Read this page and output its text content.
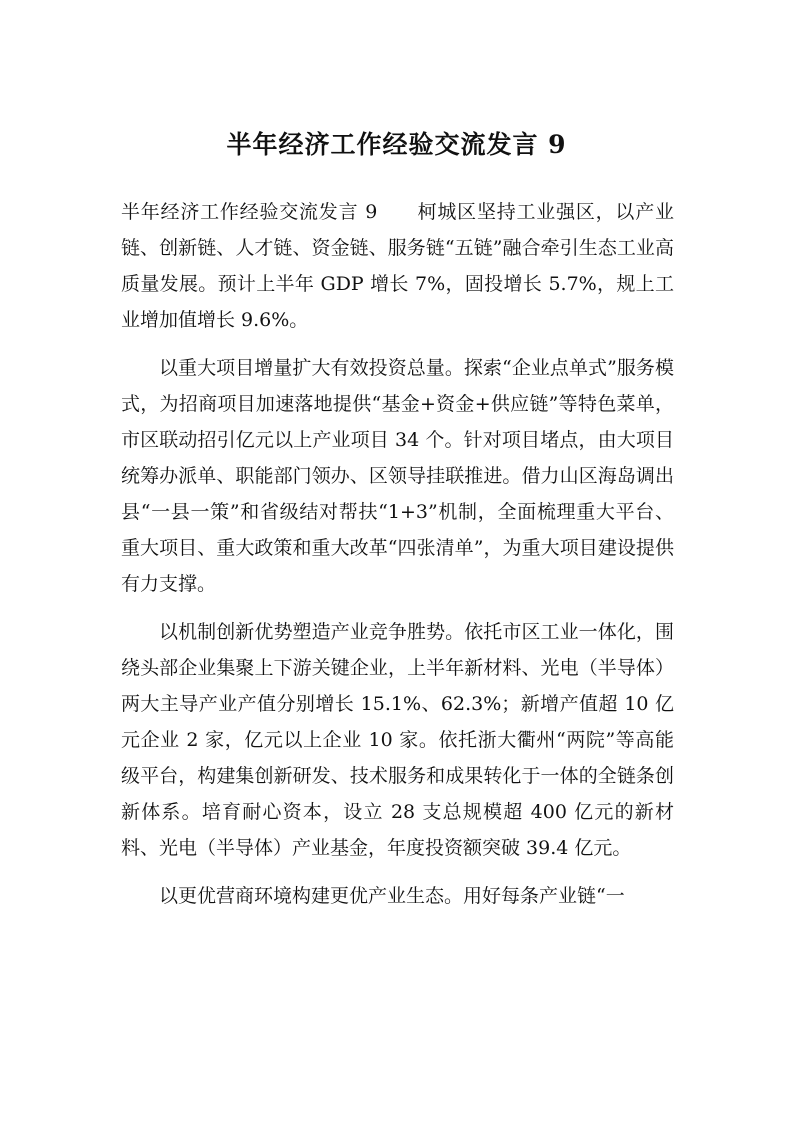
半年经济工作经验交流发言 9

半年经济工作经验交流发言 9　　柯城区坚持工业强区，以产业链、创新链、人才链、资金链、服务链“五链”融合牵引生态工业高质量发展。预计上半年 GDP 增长 7%，固投增长 5.7%，规上工业增加值增长 9.6%。

以重大项目增量扩大有效投资总量。探索“企业点单式”服务模式，为招商项目加速落地提供“基金+资金+供应链”等特色菜单，市区联动招引亿元以上产业项目 34 个。针对项目堵点，由大项目统筹办派单、职能部门领办、区领导挂联推进。借力山区海岛调出县“一县一策”和省级结对帮扶“1+3”机制，全面梳理重大平台、重大项目、重大政策和重大改革“四张清单”，为重大项目建设提供有力支撑。

以机制创新优势塑造产业竞争胜势。依托市区工业一体化，围绕头部企业集聚上下游关键企业，上半年新材料、光电（半导体）两大主导产业产值分别增长 15.1%、62.3%；新增产值超 10 亿元企业 2 家，亿元以上企业 10 家。依托浙大衢州“两院”等高能级平台，构建集创新研发、技术服务和成果转化于一体的全链条创新体系。培育耐心资本，设立 28 支总规模超 400 亿元的新材料、光电（半导体）产业基金，年度投资额突破 39.4 亿元。

以更优营商环境构建更优产业生态。用好每条产业链“一
